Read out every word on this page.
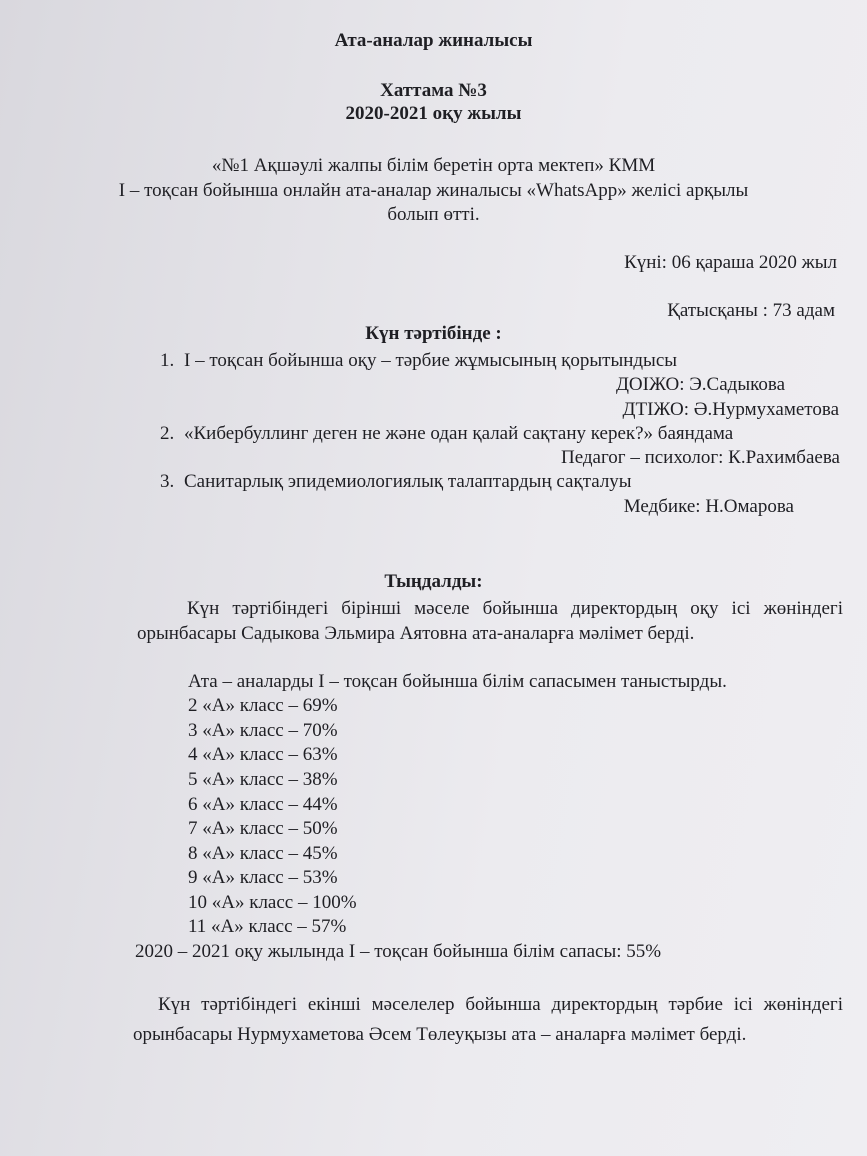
Ата-аналар жиналысы
Хаттама №3
2020-2021 оқу жылы
«№1 Ақшәулі жалпы білім беретін орта мектеп» КММ
І – тоқсан бойынша онлайн ата-аналар жиналысы «WhatsApp» желісі арқылы
болып өтті.
Күні: 06 қараша 2020 жыл
Қатысқаны : 73 адам
Күн тәртібінде :
1. І – тоқсан бойынша оқу – тәрбие жұмысының қорытындысы
ДОІЖО: Э.Садыкова
ДТІЖО: Ә.Нурмухаметова
2. «Кибербуллинг деген не және одан қалай сақтану керек?» баяндама
Педагог – психолог: К.Рахимбаева
3. Санитарлық эпидемиологиялық талаптардың сақталуы
Медбике: Н.Омарова
Тыңдалды:
Күн тәртібіндегі бірінші мәселе бойынша директордың оқу ісі жөніндегі орынбасары Садыкова Эльмира Аятовна ата-аналарға мәлімет берді.
Ата – аналарды І – тоқсан бойынша білім сапасымен таныстырды.
2 «А» класс – 69%
3 «А» класс – 70%
4 «А» класс – 63%
5 «А» класс – 38%
6 «А» класс – 44%
7 «А» класс – 50%
8 «А» класс – 45%
9 «А» класс – 53%
10 «А» класс – 100%
11 «А» класс – 57%
2020 – 2021 оқу жылында І – тоқсан бойынша білім сапасы: 55%
Күн тәртібіндегі екінші мәселелер бойынша директордың тәрбие ісі жөніндегі орынбасары Нурмухаметова Әсем Төлеуқызы ата – аналарға мәлімет берді.
